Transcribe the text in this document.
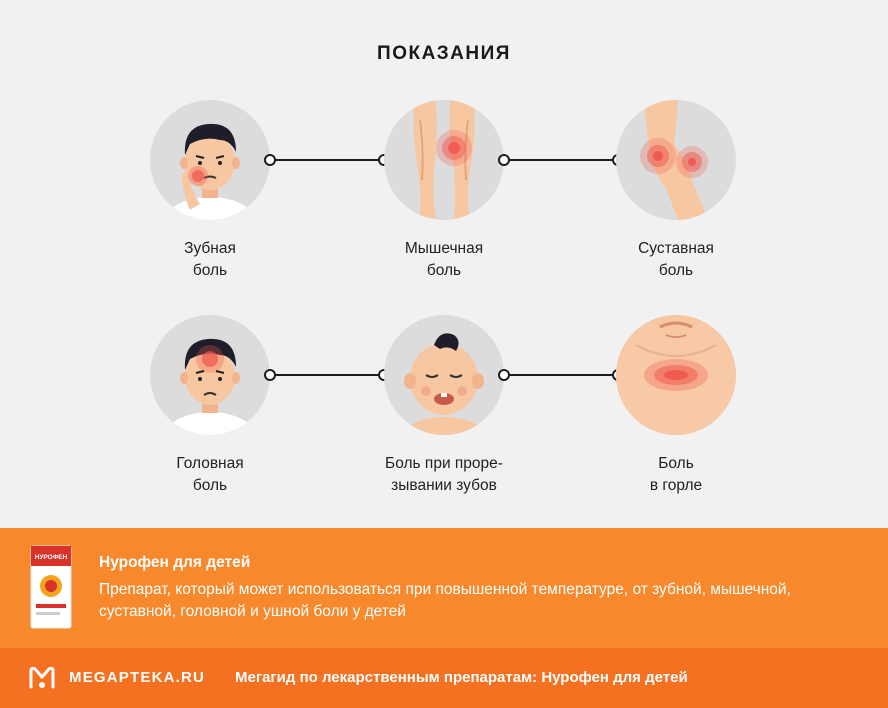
ПОКАЗАНИЯ
Зубная
боль
Мышечная
боль
Суставная
боль
Головная
боль
Боль при проре-
зывании зубов
Боль
в горле
НУРОФЕН Нурофен для детей
Препарат, который может использоваться при повышенной температуре, от зубной, мышечной, суставной, головной и ушной боли у детей
MEGAPTEKA.RU Мегагид по лекарственным препаратам: Нурофен для детей
